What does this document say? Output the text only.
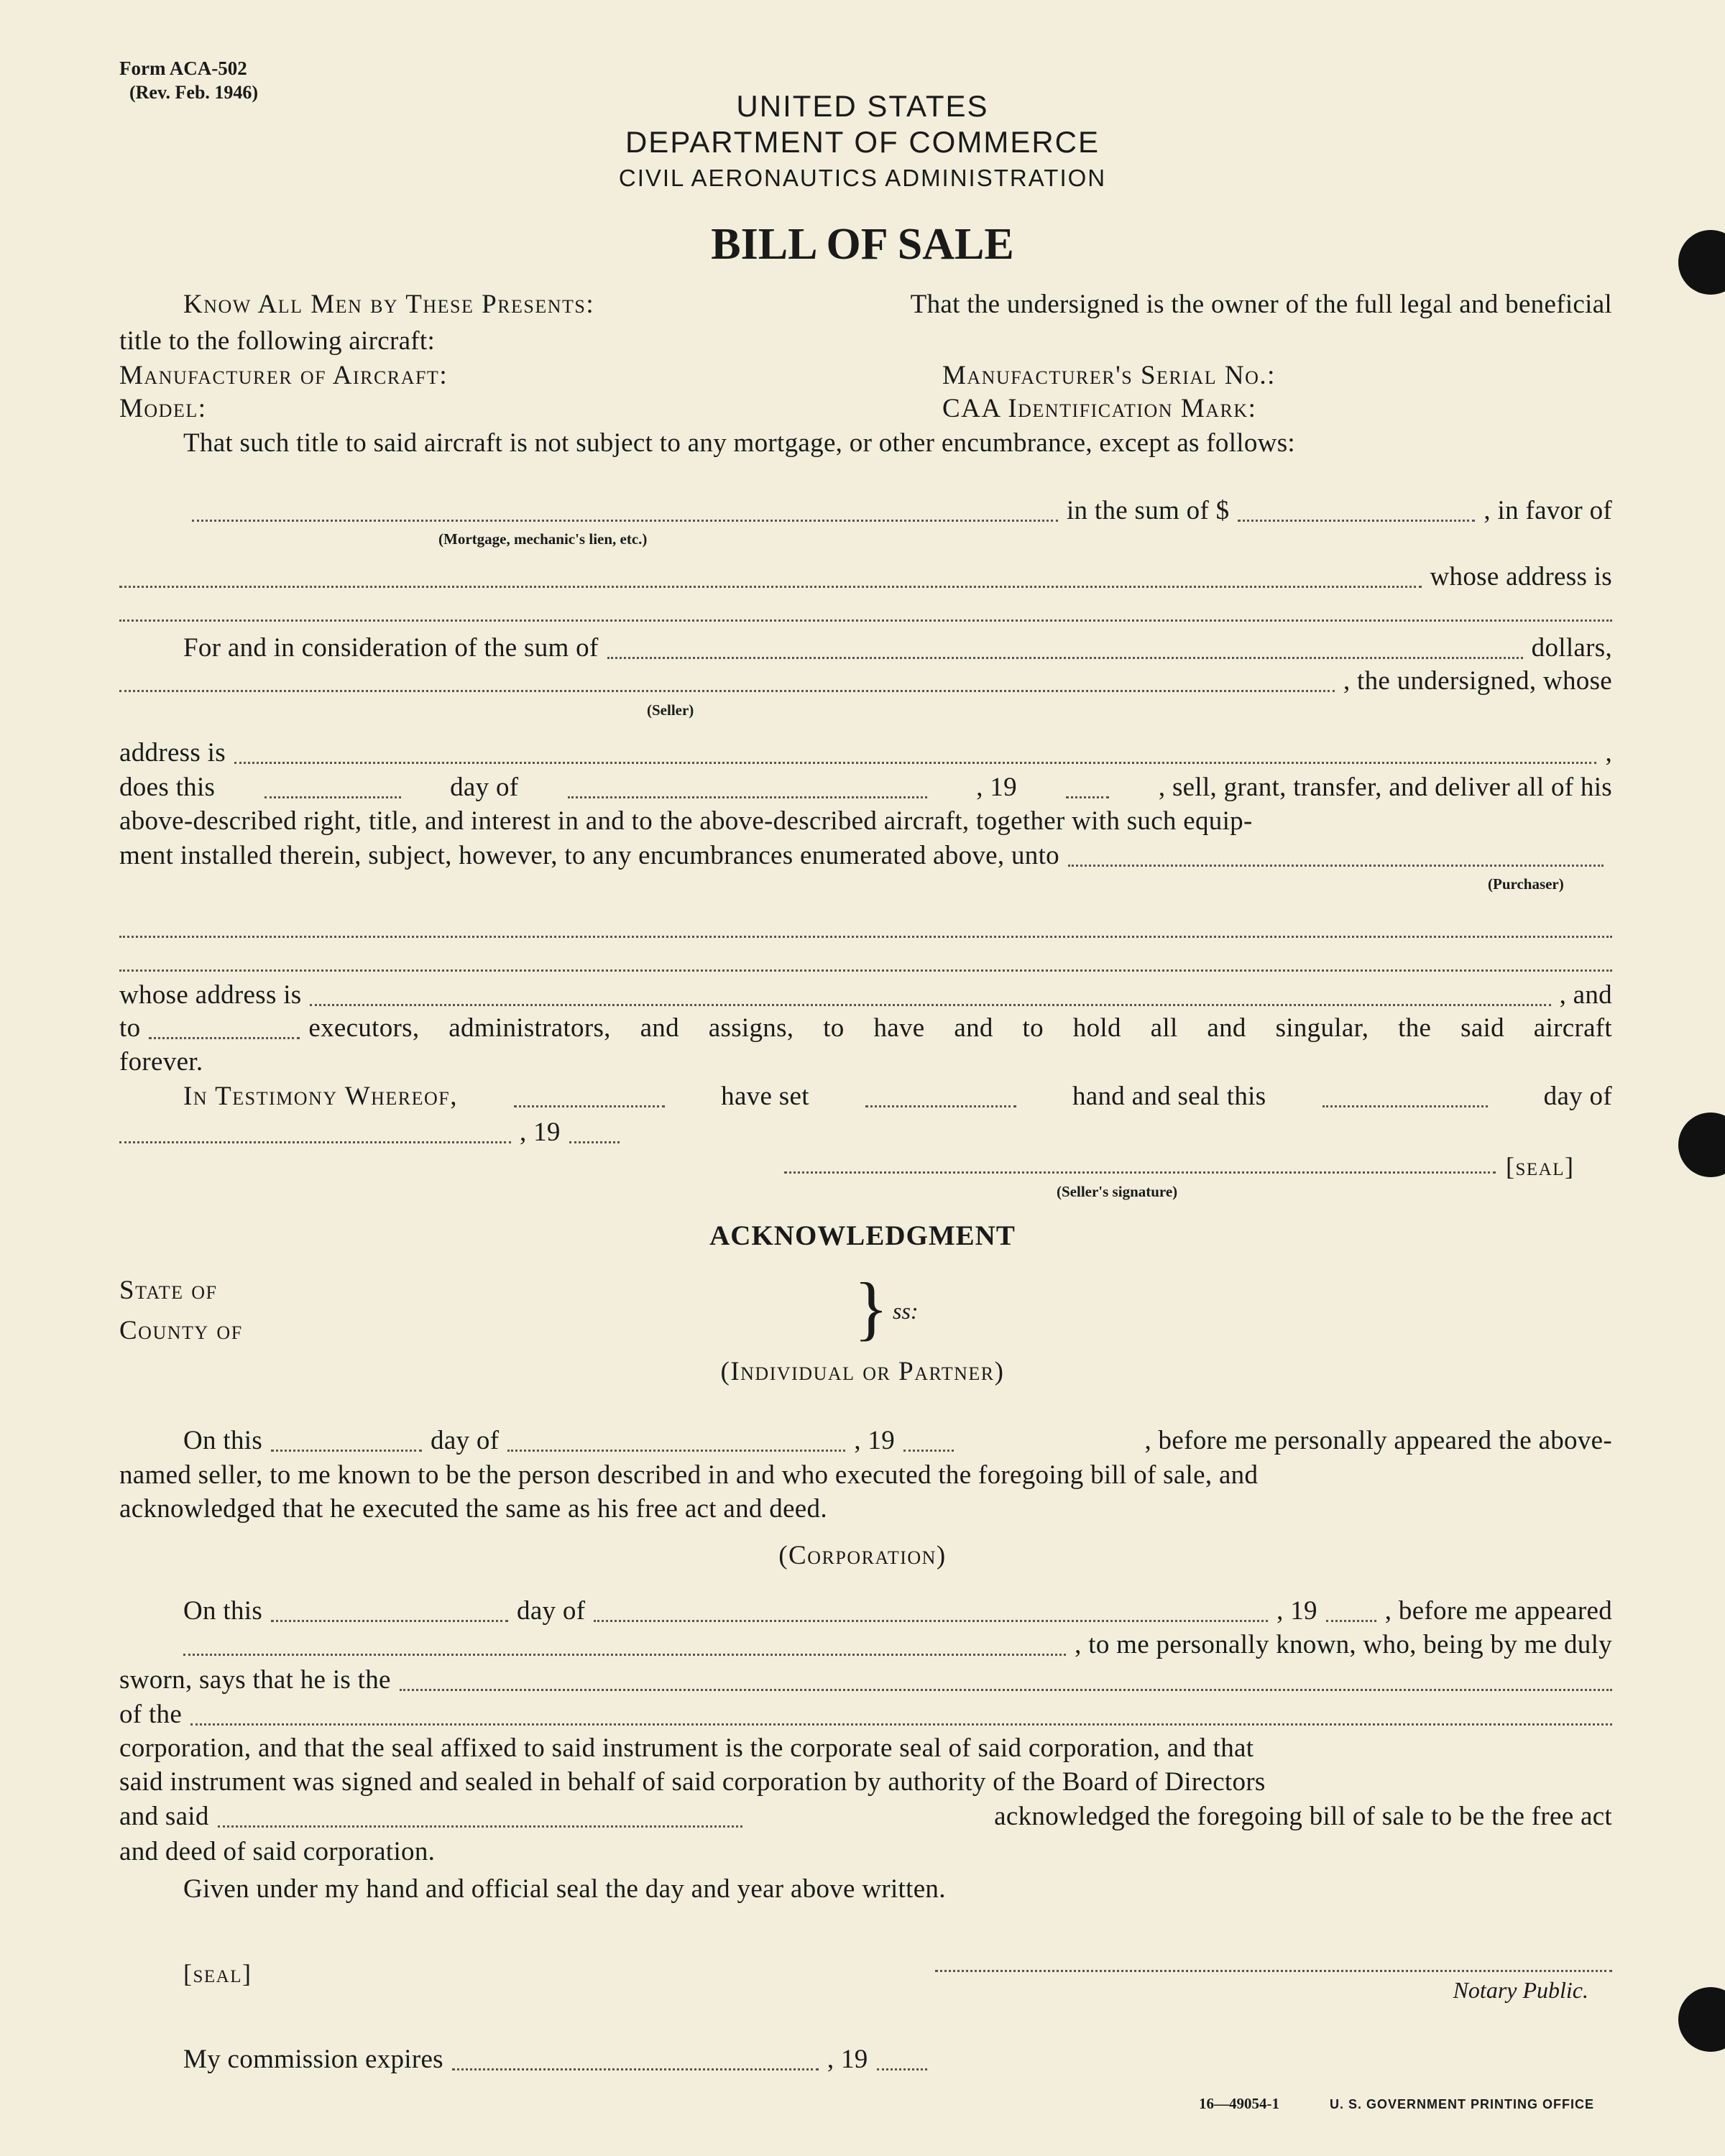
Form ACA-502
(Rev. Feb. 1946)	UNITED STATES
DEPARTMENT OF COMMERCE
CIVIL AERONAUTICS ADMINISTRATION
BILL OF SALE
Know All Men by These Presents:	That the undersigned is the owner of the full legal and beneficial
title to the following aircraft:
Manufacturer of Aircraft:	Manufacturer's Serial No.:
Model:	CAA Identification Mark:
That such title to said aircraft is not subject to any mortgage, or other encumbrance, except as follows:
in the sum of $	, in favor of
(Mortgage, mechanic's lien, etc.)
whose address is
For and in consideration of the sum of	dollars,
, the undersigned, whose
(Seller)
address is	,
does this	day of	, 19	, sell, grant, transfer, and deliver all of his
above-described right, title, and interest in and to the above-described aircraft, together with such equip-
ment installed therein, subject, however, to any encumbrances enumerated above, unto
(Purchaser)
whose address is	, and
to	executors, administrators, and assigns, to have and to hold all and singular, the said aircraft
forever.
In Testimony Whereof,	have set	hand and seal this	day of
, 19
[seal]
(Seller's signature)
ACKNOWLEDGMENT
State of
County of	} ss:
(Individual or Partner)
On this	day of	, 19	, before me personally appeared the above-
named seller, to me known to be the person described in and who executed the foregoing bill of sale, and
acknowledged that he executed the same as his free act and deed.
(Corporation)
On this	day of	, 19	, before me appeared
, to me personally known, who, being by me duly
sworn, says that he is the
of the
corporation, and that the seal affixed to said instrument is the corporate seal of said corporation, and that
said instrument was signed and sealed in behalf of said corporation by authority of the Board of Directors
and said	acknowledged the foregoing bill of sale to be the free act
and deed of said corporation.
Given under my hand and official seal the day and year above written.
[seal]
Notary Public.
My commission expires	, 19
16—49054-1	U. S. GOVERNMENT PRINTING OFFICE
